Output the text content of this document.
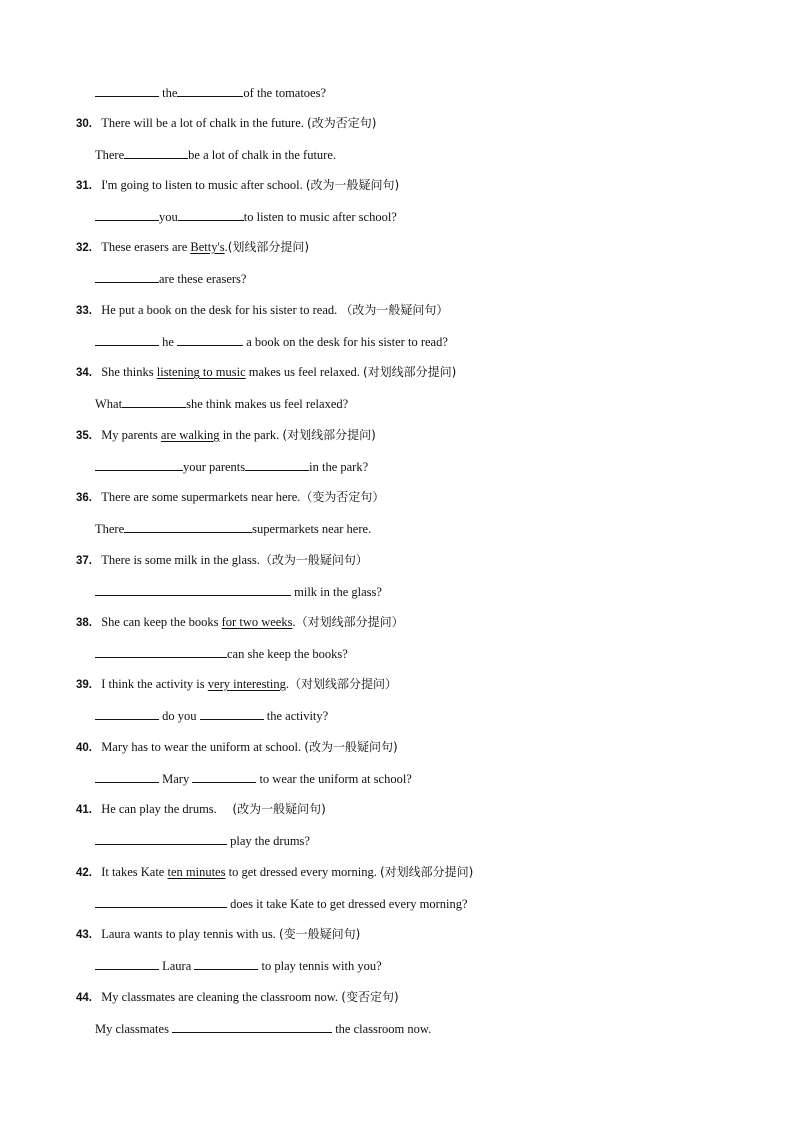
the	of the tomatoes?
30. There will be a lot of chalk in the future. (改为否定句)
There	be a lot of chalk in the future.
31. I'm going to listen to music after school. (改为一般疑问句)
you	to listen to music after school?
32. These erasers are Betty's.(划线部分提问)
are these erasers?
33. He put a book on the desk for his sister to read. （改为一般疑问句）
he	a book on the desk for his sister to read?
34. She thinks listening to music makes us feel relaxed. (对划线部分提问)
What	she think makes us feel relaxed?
35. My parents are walking in the park. (对划线部分提问)
your parents	in the park?
36. There are some supermarkets near here.（变为否定句）
There	supermarkets near here.
37. There is some milk in the glass.（改为一般疑问句）
milk in the glass?
38. She can keep the books for two weeks.（对划线部分提问）
can she keep the books?
39. I think the activity is very interesting.（对划线部分提问）
do you	the activity?
40. Mary has to wear the uniform at school. (改为一般疑问句)
Mary	to wear the uniform at school?
41. He can play the drums.     (改为一般疑问句)
play the drums?
42. It takes Kate ten minutes to get dressed every morning. (对划线部分提问)
does it take Kate to get dressed every morning?
43. Laura wants to play tennis with us. (变一般疑问句)
Laura	to play tennis with you?
44. My classmates are cleaning the classroom now. (变否定句)
My classmates	the classroom now.
